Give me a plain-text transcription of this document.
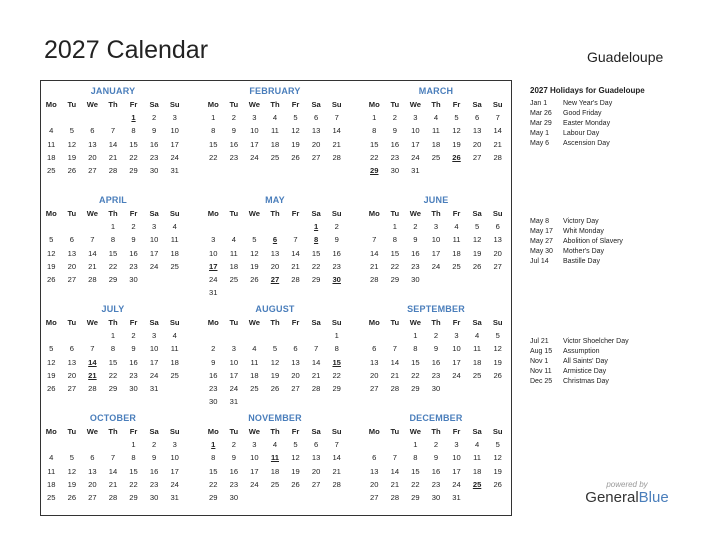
2027 Calendar	Guadeloupe
JANUARY
Mo	Tu	We	Th	Fr	Sa	Su
				1	2	3
4	5	6	7	8	9	10
11	12	13	14	15	16	17
18	19	20	21	22	23	24
25	26	27	28	29	30	31
FEBRUARY
Mo	Tu	We	Th	Fr	Sa	Su
1	2	3	4	5	6	7
8	9	10	11	12	13	14
15	16	17	18	19	20	21
22	23	24	25	26	27	28
MARCH
Mo	Tu	We	Th	Fr	Sa	Su
1	2	3	4	5	6	7
8	9	10	11	12	13	14
15	16	17	18	19	20	21
22	23	24	25	26	27	28
29	30	31				
APRIL
Mo	Tu	We	Th	Fr	Sa	Su
			1	2	3	4
5	6	7	8	9	10	11
12	13	14	15	16	17	18
19	20	21	22	23	24	25
26	27	28	29	30		
MAY
Mo	Tu	We	Th	Fr	Sa	Su
					1	2
3	4	5	6	7	8	9
10	11	12	13	14	15	16
17	18	19	20	21	22	23
24	25	26	27	28	29	30
31						
JUNE
Mo	Tu	We	Th	Fr	Sa	Su
	1	2	3	4	5	6
7	8	9	10	11	12	13
14	15	16	17	18	19	20
21	22	23	24	25	26	27
28	29	30				
JULY
Mo	Tu	We	Th	Fr	Sa	Su
			1	2	3	4
5	6	7	8	9	10	11
12	13	14	15	16	17	18
19	20	21	22	23	24	25
26	27	28	29	30	31	
AUGUST
Mo	Tu	We	Th	Fr	Sa	Su
						1
2	3	4	5	6	7	8
9	10	11	12	13	14	15
16	17	18	19	20	21	22
23	24	25	26	27	28	29
30	31					
SEPTEMBER
Mo	Tu	We	Th	Fr	Sa	Su
		1	2	3	4	5
6	7	8	9	10	11	12
13	14	15	16	17	18	19
20	21	22	23	24	25	26
27	28	29	30			
OCTOBER
Mo	Tu	We	Th	Fr	Sa	Su
				1	2	3
4	5	6	7	8	9	10
11	12	13	14	15	16	17
18	19	20	21	22	23	24
25	26	27	28	29	30	31
NOVEMBER
Mo	Tu	We	Th	Fr	Sa	Su
1	2	3	4	5	6	7
8	9	10	11	12	13	14
15	16	17	18	19	20	21
22	23	24	25	26	27	28
29	30					
DECEMBER
Mo	Tu	We	Th	Fr	Sa	Su
		1	2	3	4	5
6	7	8	9	10	11	12
13	14	15	16	17	18	19
20	21	22	23	24	25	26
27	28	29	30	31		
2027 Holidays for Guadeloupe
Jan 1 New Year's Day
Mar 26 Good Friday
Mar 29 Easter Monday
May 1 Labour Day
May 6 Ascension Day
May 8 Victory Day
May 17 Whit Monday
May 27 Abolition of Slavery
May 30 Mother's Day
Jul 14 Bastille Day
Jul 21 Victor Shoelcher Day
Aug 15 Assumption
Nov 1 All Saints' Day
Nov 11 Armistice Day
Dec 25 Christmas Day
powered by
GeneralBlue
